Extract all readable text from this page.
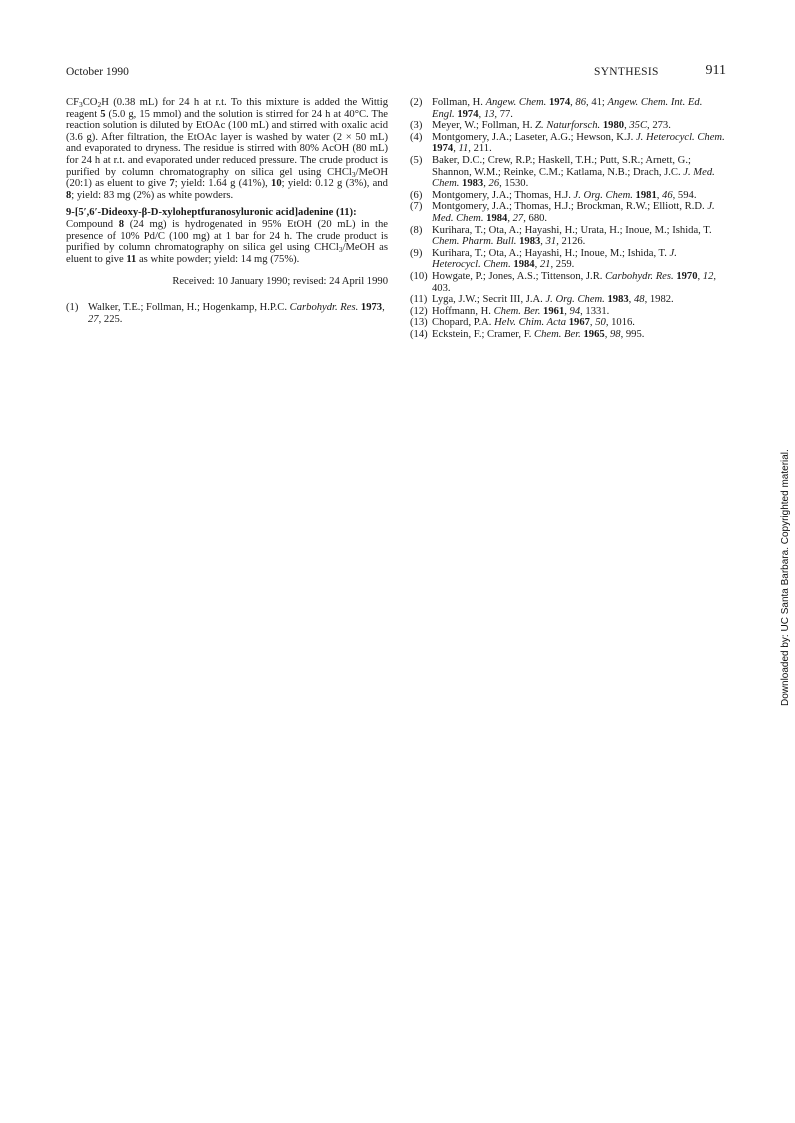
October 1990	SYNTHESIS	911

$CF_3CO_2H$ (0.38 mL) for 24 h at r.t. To this mixture is added the Wittig reagent 5 (5.0 g, 15 mmol) and the solution is stirred for 24 h at 40°C. The reaction solution is diluted by EtOAc (100 mL) and stirred with oxalic acid (3.6 g). After filtration, the EtOAc layer is washed by water (2 × 50 mL) and evaporated to dryness. The residue is stirred with 80% AcOH (80 mL) for 24 h at r.t. and evaporated under reduced pressure. The crude product is purified by column chromatography on silica gel using CHCl$_3$/MeOH (20:1) as eluent to give 7; yield: 1.64 g (41%), 10; yield: 0.12 g (3%), and 8; yield: 83 mg (2%) as white powders.

9-[5′,6′-Dideoxy-β-D-xyloheptfuranosyluronic acid]adenine (11):
Compound 8 (24 mg) is hydrogenated in 95% EtOH (20 mL) in the presence of 10% Pd/C (100 mg) at 1 bar for 24 h. The crude product is purified by column chromatography on silica gel using CHCl$_3$/MeOH as eluent to give 11 as white powder; yield: 14 mg (75%).

Received: 10 January 1990; revised: 24 April 1990

(1) Walker, T.E.; Follman, H.; Hogenkamp, H.P.C. Carbohydr. Res. 1973, 27, 225.

(2) Follman, H. Angew. Chem. 1974, 86, 41; Angew. Chem. Int. Ed. Engl. 1974, 13, 77.

(3) Meyer, W.; Follman, H. Z. Naturforsch. 1980, 35C, 273.

(4) Montgomery, J.A.; Laseter, A.G.; Hewson, K.J. J. Heterocycl. Chem. 1974, 11, 211.

(5) Baker, D.C.; Crew, R.P.; Haskell, T.H.; Putt, S.R.; Arnett, G.; Shannon, W.M.; Reinke, C.M.; Katlama, N.B.; Drach, J.C. J. Med. Chem. 1983, 26, 1530.

(6) Montgomery, J.A.; Thomas, H.J. J. Org. Chem. 1981, 46, 594.

(7) Montgomery, J.A.; Thomas, H.J.; Brockman, R.W.; Elliott, R.D. J. Med. Chem. 1984, 27, 680.

(8) Kurihara, T.; Ota, A.; Hayashi, H.; Urata, H.; Inoue, M.; Ishida, T. Chem. Pharm. Bull. 1983, 31, 2126.

(9) Kurihara, T.; Ota, A.; Hayashi, H.; Inoue, M.; Ishida, T. J. Heterocycl. Chem. 1984, 21, 259.

(10) Howgate, P.; Jones, A.S.; Tittenson, J.R. Carbohydr. Res. 1970, 12, 403.

(11) Lyga, J.W.; Secrit III, J.A. J. Org. Chem. 1983, 48, 1982.

(12) Hoffmann, H. Chem. Ber. 1961, 94, 1331.

(13) Chopard, P.A. Helv. Chim. Acta 1967, 50, 1016.

(14) Eckstein, F.; Cramer, F. Chem. Ber. 1965, 98, 995.

Downloaded by: UC Santa Barbara. Copyrighted material.
